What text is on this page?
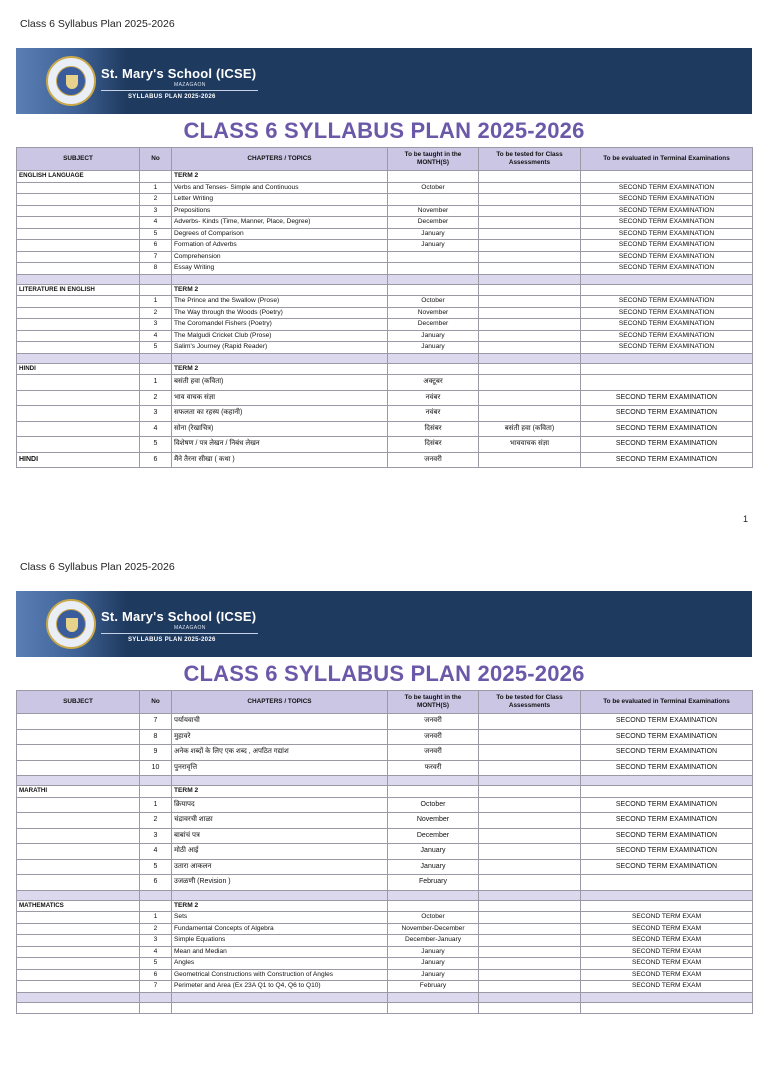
Class 6 Syllabus Plan 2025-2026
St. Mary's School (ICSE)
MAZAGAON
SYLLABUS PLAN 2025-2026
CLASS 6 SYLLABUS PLAN 2025-2026
SUBJECT	No	CHAPTERS / TOPICS	To be taught in the MONTH(S)	To be tested for Class Assessments	To be evaluated in Terminal Examinations
ENGLISH LANGUAGE		TERM 2			
	1	Verbs and Tenses- Simple and Continuous	October		SECOND TERM EXAMINATION
	2	Letter Writing			SECOND TERM EXAMINATION
	3	Prepositions	November		SECOND TERM EXAMINATION
	4	Adverbs- Kinds (Time, Manner, Place, Degree)	December		SECOND TERM EXAMINATION
	5	Degrees of Comparison	January		SECOND TERM EXAMINATION
	6	Formation of Adverbs	January		SECOND TERM EXAMINATION
	7	Comprehension			SECOND TERM EXAMINATION
	8	Essay Writing			SECOND TERM EXAMINATION

LITERATURE IN ENGLISH		TERM 2			
	1	The Prince and the Swallow (Prose)	October		SECOND TERM EXAMINATION
	2	The Way through the Woods (Poetry)	November		SECOND TERM EXAMINATION
	3	The Coromandel Fishers (Poetry)	December		SECOND TERM EXAMINATION
	4	The Malgudi Cricket Club (Prose)	January		SECOND TERM EXAMINATION
	5	Salim's Journey (Rapid Reader)	January		SECOND TERM EXAMINATION

HINDI		TERM 2			
	1	बसंती हवा (कविता)	अक्टूबर		
	2	भाव वाचक संज्ञा	नवंबर		SECOND TERM EXAMINATION
	3	सफलता का रहस्य (कहानी)	नवंबर		SECOND TERM EXAMINATION
	4	सोना (रेखाचित्र)	दिसंबर	बसंती हवा (कविता)	SECOND TERM EXAMINATION
	5	विशेषण / पत्र लेखन / निबंध लेखन	दिसंबर	भाववाचक संज्ञा	SECOND TERM EXAMINATION
HINDI	6	मैंने तैरना सीखा ( कथा )	जनवरी		SECOND TERM EXAMINATION
1
Class 6 Syllabus Plan 2025-2026
St. Mary's School (ICSE)
MAZAGAON
SYLLABUS PLAN 2025-2026
CLASS 6 SYLLABUS PLAN 2025-2026
SUBJECT	No	CHAPTERS / TOPICS	To be taught in the MONTH(S)	To be tested for Class Assessments	To be evaluated in Terminal Examinations
	7	पर्यायवाची	जनवरी		SECOND TERM EXAMINATION
	8	मुहावरे	जनवरी		SECOND TERM EXAMINATION
	9	अनेक शब्दों के लिए एक शब्द , अपठित गद्यांश	जनवरी		SECOND TERM EXAMINATION
	10	पुनरावृत्ति	फरवरी		SECOND TERM EXAMINATION

MARATHI		TERM 2			
	1	क्रियापद	October		SECOND TERM EXAMINATION
	2	चंद्रावरची शाळा	November		SECOND TERM EXAMINATION
	3	बाबांचं पत्र	December		SECOND TERM EXAMINATION
	4	मोठी आई	January		SECOND TERM EXAMINATION
	5	उतारा आकलन	January		SECOND TERM EXAMINATION
	6	उजळणी (Revision )	February		

MATHEMATICS		TERM 2			
	1	Sets	October		SECOND TERM EXAM
	2	Fundamental Concepts of Algebra	November-December		SECOND TERM EXAM
	3	Simple Equations	December-January		SECOND TERM EXAM
	4	Mean and Median	January		SECOND TERM EXAM
	5	Angles	January		SECOND TERM EXAM
	6	Geometrical Constructions with Construction of Angles	January		SECOND TERM EXAM
	7	Perimeter and Area (Ex 23A Q1 to Q4, Q6 to Q10)	February		SECOND TERM EXAM
